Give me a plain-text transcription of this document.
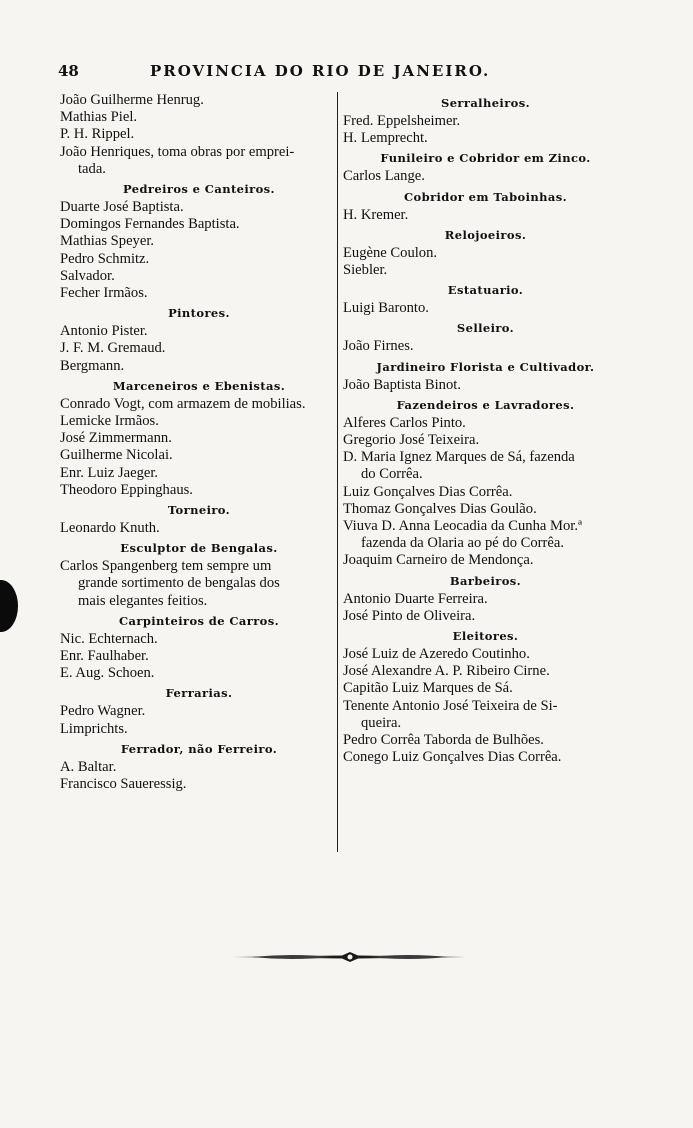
48	PROVINCIA DO RIO DE JANEIRO.
João Guilherme Henrug.
Mathias Piel.
P. H. Rippel.
João Henriques, toma obras por emprei-
tada.
Pedreiros e Canteiros.
Duarte José Baptista.
Domingos Fernandes Baptista.
Mathias Speyer.
Pedro Schmitz.
Salvador.
Fecher Irmãos.
Pintores.
Antonio Pister.
J. F. M. Gremaud.
Bergmann.
Marceneiros e Ebenistas.
Conrado Vogt, com armazem de mobilias.
Lemicke Irmãos.
José Zimmermann.
Guilherme Nicolai.
Enr. Luiz Jaeger.
Theodoro Eppinghaus.
Torneiro.
Leonardo Knuth.
Esculptor de Bengalas.
Carlos Spangenberg tem sempre um
grande sortimento de bengalas dos
mais elegantes feitios.
Carpinteiros de Carros.
Nic. Echternach.
Enr. Faulhaber.
E. Aug. Schoen.
Ferrarias.
Pedro Wagner.
Limprichts.
Ferrador, não Ferreiro.
A. Baltar.
Francisco Saueressig.
Serralheiros.
Fred. Eppelsheimer.
H. Lemprecht.
Funileiro e Cobridor em Zinco.
Carlos Lange.
Cobridor em Taboinhas.
H. Kremer.
Relojoeiros.
Eugène Coulon.
Siebler.
Estatuario.
Luigi Baronto.
Selleiro.
João Firnes.
Jardineiro Florista e Cultivador.
João Baptista Binot.
Fazendeiros e Lavradores.
Alferes Carlos Pinto.
Gregorio José Teixeira.
D. Maria Ignez Marques de Sá, fazenda
do Corrêa.
Luiz Gonçalves Dias Corrêa.
Thomaz Gonçalves Dias Goulão.
Viuva D. Anna Leocadia da Cunha Mor.ª
fazenda da Olaria ao pé do Corrêa.
Joaquim Carneiro de Mendonça.
Barbeiros.
Antonio Duarte Ferreira.
José Pinto de Oliveira.
Eleitores.
José Luiz de Azeredo Coutinho.
José Alexandre A. P. Ribeiro Cirne.
Capitão Luiz Marques de Sá.
Tenente Antonio José Teixeira de Si-
queira.
Pedro Corrêa Taborda de Bulhões.
Conego Luiz Gonçalves Dias Corrêa.
